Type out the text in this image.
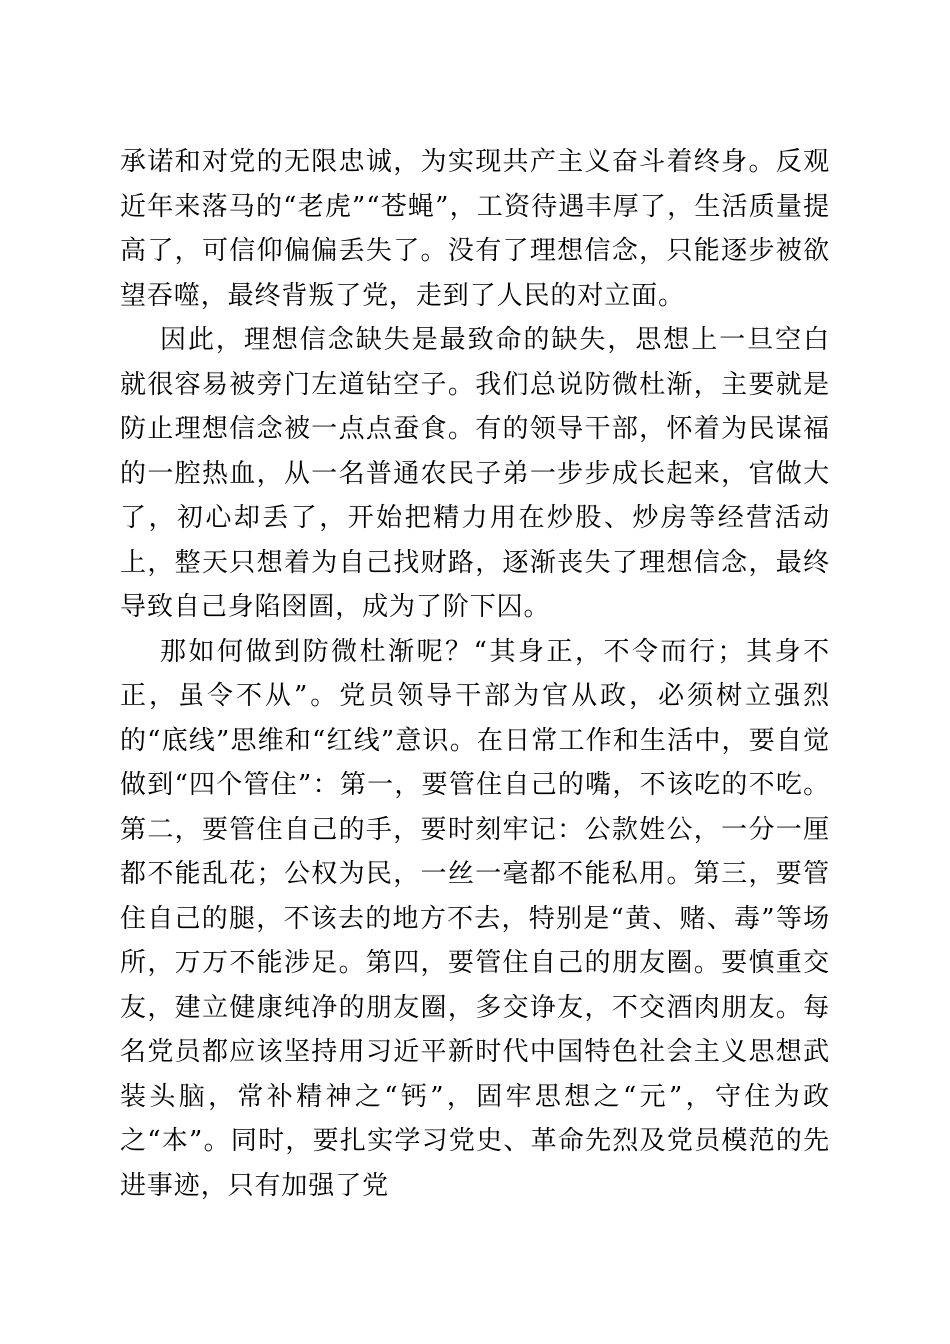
承诺和对党的无限忠诚，为实现共产主义奋斗着终身。反观近年来落马的“老虎”“苍蝇”，工资待遇丰厚了，生活质量提高了，可信仰偏偏丢失了。没有了理想信念，只能逐步被欲望吞噬，最终背叛了党，走到了人民的对立面。

因此，理想信念缺失是最致命的缺失，思想上一旦空白就很容易被旁门左道钻空子。我们总说防微杜渐，主要就是防止理想信念被一点点蚕食。有的领导干部，怀着为民谋福的一腔热血，从一名普通农民子弟一步步成长起来，官做大了，初心却丢了，开始把精力用在炒股、炒房等经营活动上，整天只想着为自己找财路，逐渐丧失了理想信念，最终导致自己身陷囹圄，成为了阶下囚。

那如何做到防微杜渐呢？“其身正，不令而行；其身不正，虽令不从”。党员领导干部为官从政，必须树立强烈的“底线”思维和“红线”意识。在日常工作和生活中，要自觉做到“四个管住”：第一，要管住自己的嘴，不该吃的不吃。第二，要管住自己的手，要时刻牢记：公款姓公，一分一厘都不能乱花；公权为民，一丝一毫都不能私用。第三，要管住自己的腿，不该去的地方不去，特别是“黄、赌、毒”等场所，万万不能涉足。第四，要管住自己的朋友圈。要慎重交友，建立健康纯净的朋友圈，多交诤友，不交酒肉朋友。每名党员都应该坚持用习近平新时代中国特色社会主义思想武装头脑，常补精神之“钙”，固牢思想之“元”，守住为政之“本”。同时，要扎实学习党史、革命先烈及党员模范的先进事迹，只有加强了党
